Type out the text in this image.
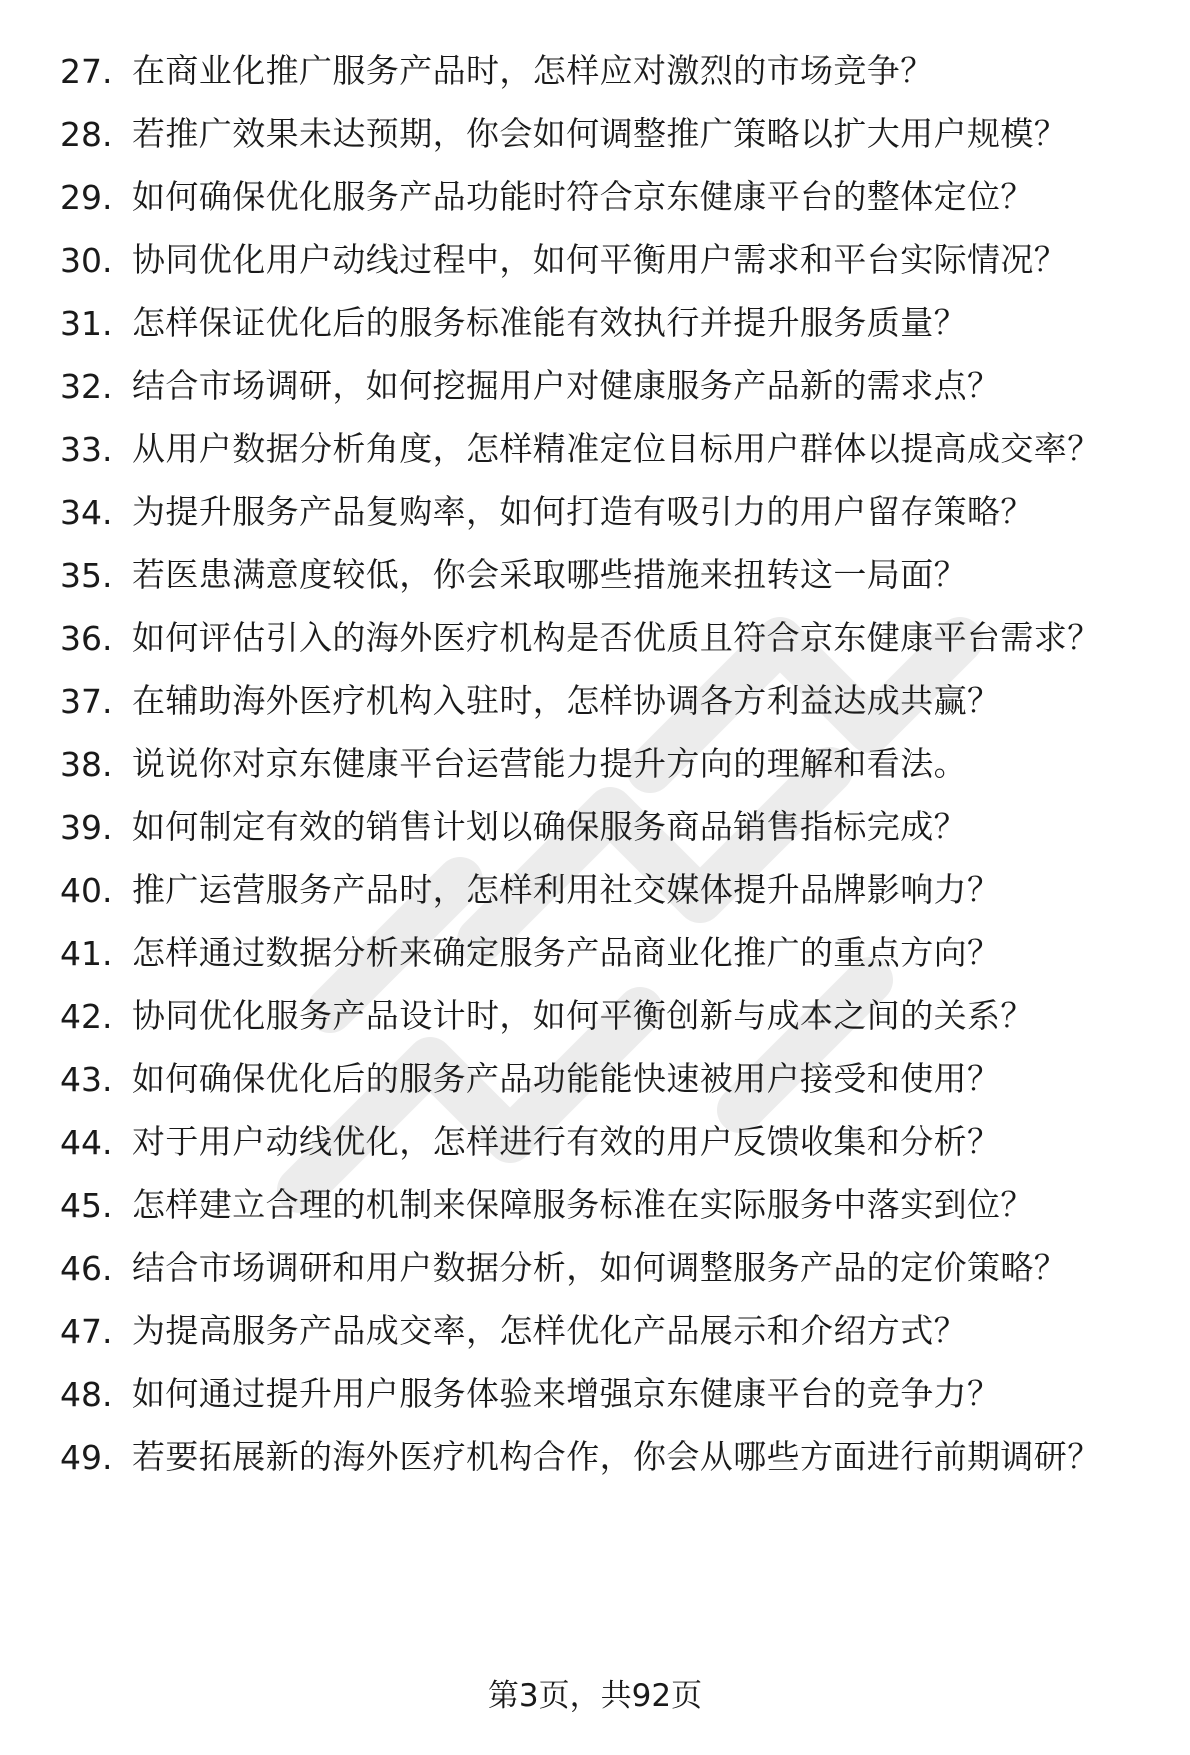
27. 在商业化推广服务产品时，怎样应对激烈的市场竞争？
28. 若推广效果未达预期，你会如何调整推广策略以扩大用户规模？
29. 如何确保优化服务产品功能时符合京东健康平台的整体定位？
30. 协同优化用户动线过程中，如何平衡用户需求和平台实际情况？
31. 怎样保证优化后的服务标准能有效执行并提升服务质量？
32. 结合市场调研，如何挖掘用户对健康服务产品新的需求点？
33. 从用户数据分析角度，怎样精准定位目标用户群体以提高成交率？
34. 为提升服务产品复购率，如何打造有吸引力的用户留存策略？
35. 若医患满意度较低，你会采取哪些措施来扭转这一局面？
36. 如何评估引入的海外医疗机构是否优质且符合京东健康平台需求？
37. 在辅助海外医疗机构入驻时，怎样协调各方利益达成共赢？
38. 说说你对京东健康平台运营能力提升方向的理解和看法。
39. 如何制定有效的销售计划以确保服务商品销售指标完成？
40. 推广运营服务产品时，怎样利用社交媒体提升品牌影响力？
41. 怎样通过数据分析来确定服务产品商业化推广的重点方向？
42. 协同优化服务产品设计时，如何平衡创新与成本之间的关系？
43. 如何确保优化后的服务产品功能能快速被用户接受和使用？
44. 对于用户动线优化，怎样进行有效的用户反馈收集和分析？
45. 怎样建立合理的机制来保障服务标准在实际服务中落实到位？
46. 结合市场调研和用户数据分析，如何调整服务产品的定价策略？
47. 为提高服务产品成交率，怎样优化产品展示和介绍方式？
48. 如何通过提升用户服务体验来增强京东健康平台的竞争力？
49. 若要拓展新的海外医疗机构合作，你会从哪些方面进行前期调研？
第3页，共92页
